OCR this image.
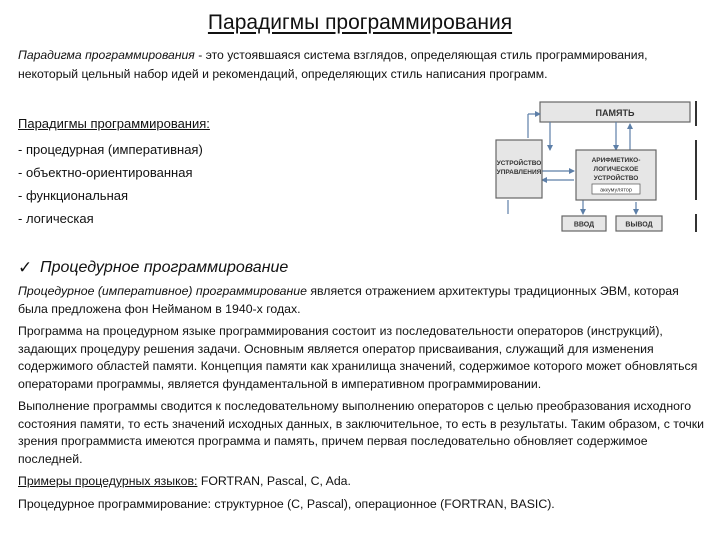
Парадигмы программирования
Парадигма программирования - это устоявшаяся система взглядов, определяющая стиль программирования, некоторый цельный набор идей и рекомендаций, определяющих стиль написания программ.
Парадигмы программирования:
- процедурная (императивная)
- объектно-ориентированная
- функциональная
- логическая
ПАМЯТЬ
УСТРОЙСТВО
УПРАВЛЕНИЯ
АРИФМЕТИКО-
ЛОГИЧЕСКОЕ
УСТРОЙСТВО
аккумулятор
ВВОД	ВЫВОД
✓ Процедурное программирование

Процедурное (императивное) программирование является отражением архитектуры традиционных ЭВМ, которая была предложена фон Нейманом в 1940-х годах.

Программа на процедурном языке программирования состоит из последовательности операторов (инструкций), задающих процедуру решения задачи. Основным является оператор присваивания, служащий для изменения содержимого областей памяти. Концепция памяти как хранилища значений, содержимое которого может обновляться операторами программы, является фундаментальной в императивном программировании.

Выполнение программы сводится к последовательному выполнению операторов с целью преобразования исходного состояния памяти, то есть значений исходных данных, в заключительное, то есть в результаты. Таким образом, с точки зрения программиста имеются программа и память, причем первая последовательно обновляет содержимое последней.

Примеры процедурных языков: FORTRAN, Pascal, C, Ada.

Процедурное программирование: структурное (C, Pascal), операционное (FORTRAN, BASIC).
